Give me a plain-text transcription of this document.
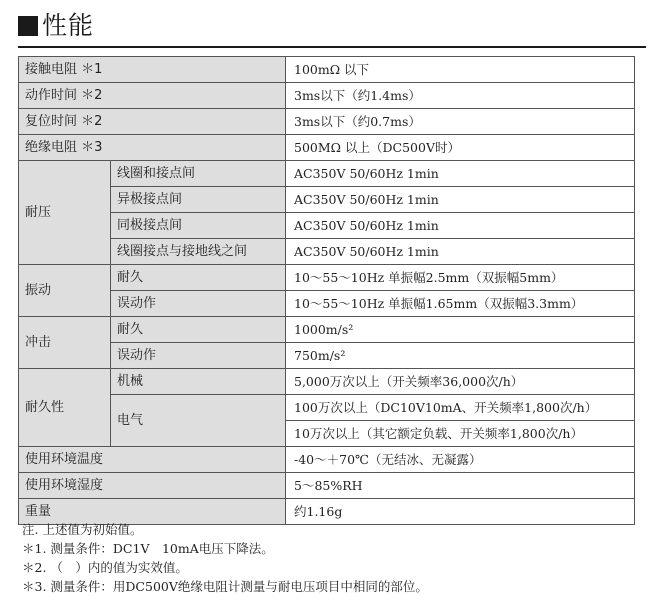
性能
接触电阻 ＊1		100mΩ 以下
动作时间 ＊2		3ms以下（约1.4ms）
复位时间 ＊2		3ms以下（约0.7ms）
绝缘电阻 ＊3		500MΩ 以上（DC500V时）
耐压	线圈和接点间	AC350V 50/60Hz 1min
	异极接点间	AC350V 50/60Hz 1min
	同极接点间	AC350V 50/60Hz 1min
	线圈接点与接地线之间	AC350V 50/60Hz 1min
振动	耐久	10～55～10Hz 单振幅2.5mm（双振幅5mm）
	误动作	10～55～10Hz 单振幅1.65mm（双振幅3.3mm）
冲击	耐久	1000m/s²
	误动作	750m/s²
耐久性	机械	5,000万次以上（开关频率36,000次/h）
	电气	100万次以上（DC10V10mA、开关频率1,800次/h）
		10万次以上（其它额定负载、开关频率1,800次/h）
使用环境温度		-40～＋70℃（无结冰、无凝露）
使用环境湿度		5～85%RH
重量		约1.16g
注. 上述值为初始值。
＊1. 测量条件：DC1V　10mA电压下降法。
＊2. （　）内的值为实效值。
＊3. 测量条件：用DC500V绝缘电阻计测量与耐电压项目中相同的部位。
